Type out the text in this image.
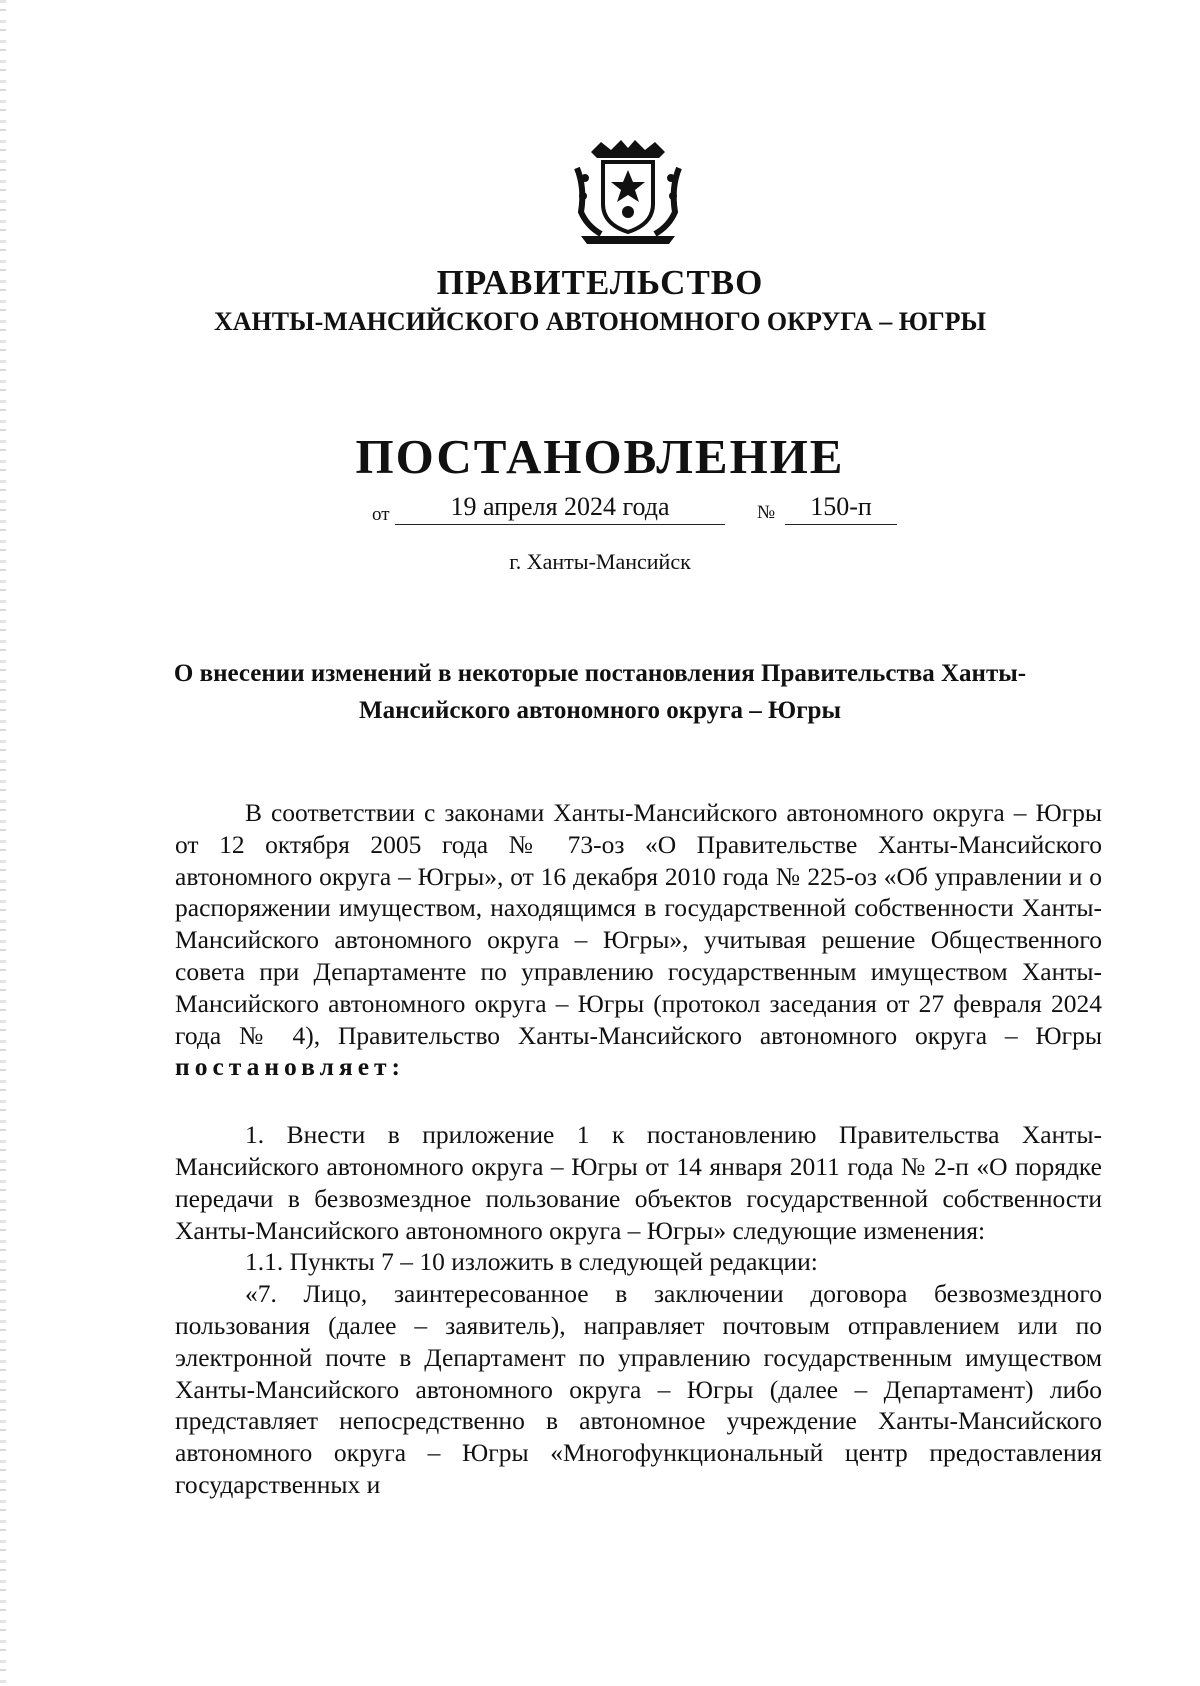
ПРАВИТЕЛЬСТВО
ХАНТЫ-МАНСИЙСКОГО АВТОНОМНОГО ОКРУГА – ЮГРЫ
ПОСТАНОВЛЕНИЕ
от	19 апреля 2024 года	№	150-п

г. Ханты-Мансийск

О внесении изменений в некоторые постановления Правительства Ханты-Мансийского автономного округа – Югры

В соответствии с законами Ханты-Мансийского автономного округа – Югры от 12 октября 2005 года № 73-оз «О Правительстве Ханты-Мансийского автономного округа – Югры», от 16 декабря 2010 года № 225-оз «Об управлении и о распоряжении имуществом, находящимся в государственной собственности Ханты-Мансийского автономного округа – Югры», учитывая решение Общественного совета при Департаменте по управлению государственным имуществом Ханты-Мансийского автономного округа – Югры (протокол заседания от 27 февраля 2024 года № 4), Правительство Ханты-Мансийского автономного округа – Югры постановляет:

1. Внести в приложение 1 к постановлению Правительства Ханты-Мансийского автономного округа – Югры от 14 января 2011 года № 2-п «О порядке передачи в безвозмездное пользование объектов государственной собственности Ханты-Мансийского автономного округа – Югры» следующие изменения:

1.1. Пункты 7 – 10 изложить в следующей редакции:

«7. Лицо, заинтересованное в заключении договора безвозмездного пользования (далее – заявитель), направляет почтовым отправлением или по электронной почте в Департамент по управлению государственным имуществом Ханты-Мансийского автономного округа – Югры (далее – Департамент) либо представляет непосредственно в автономное учреждение Ханты-Мансийского автономного округа – Югры «Многофункциональный центр предоставления государственных и
